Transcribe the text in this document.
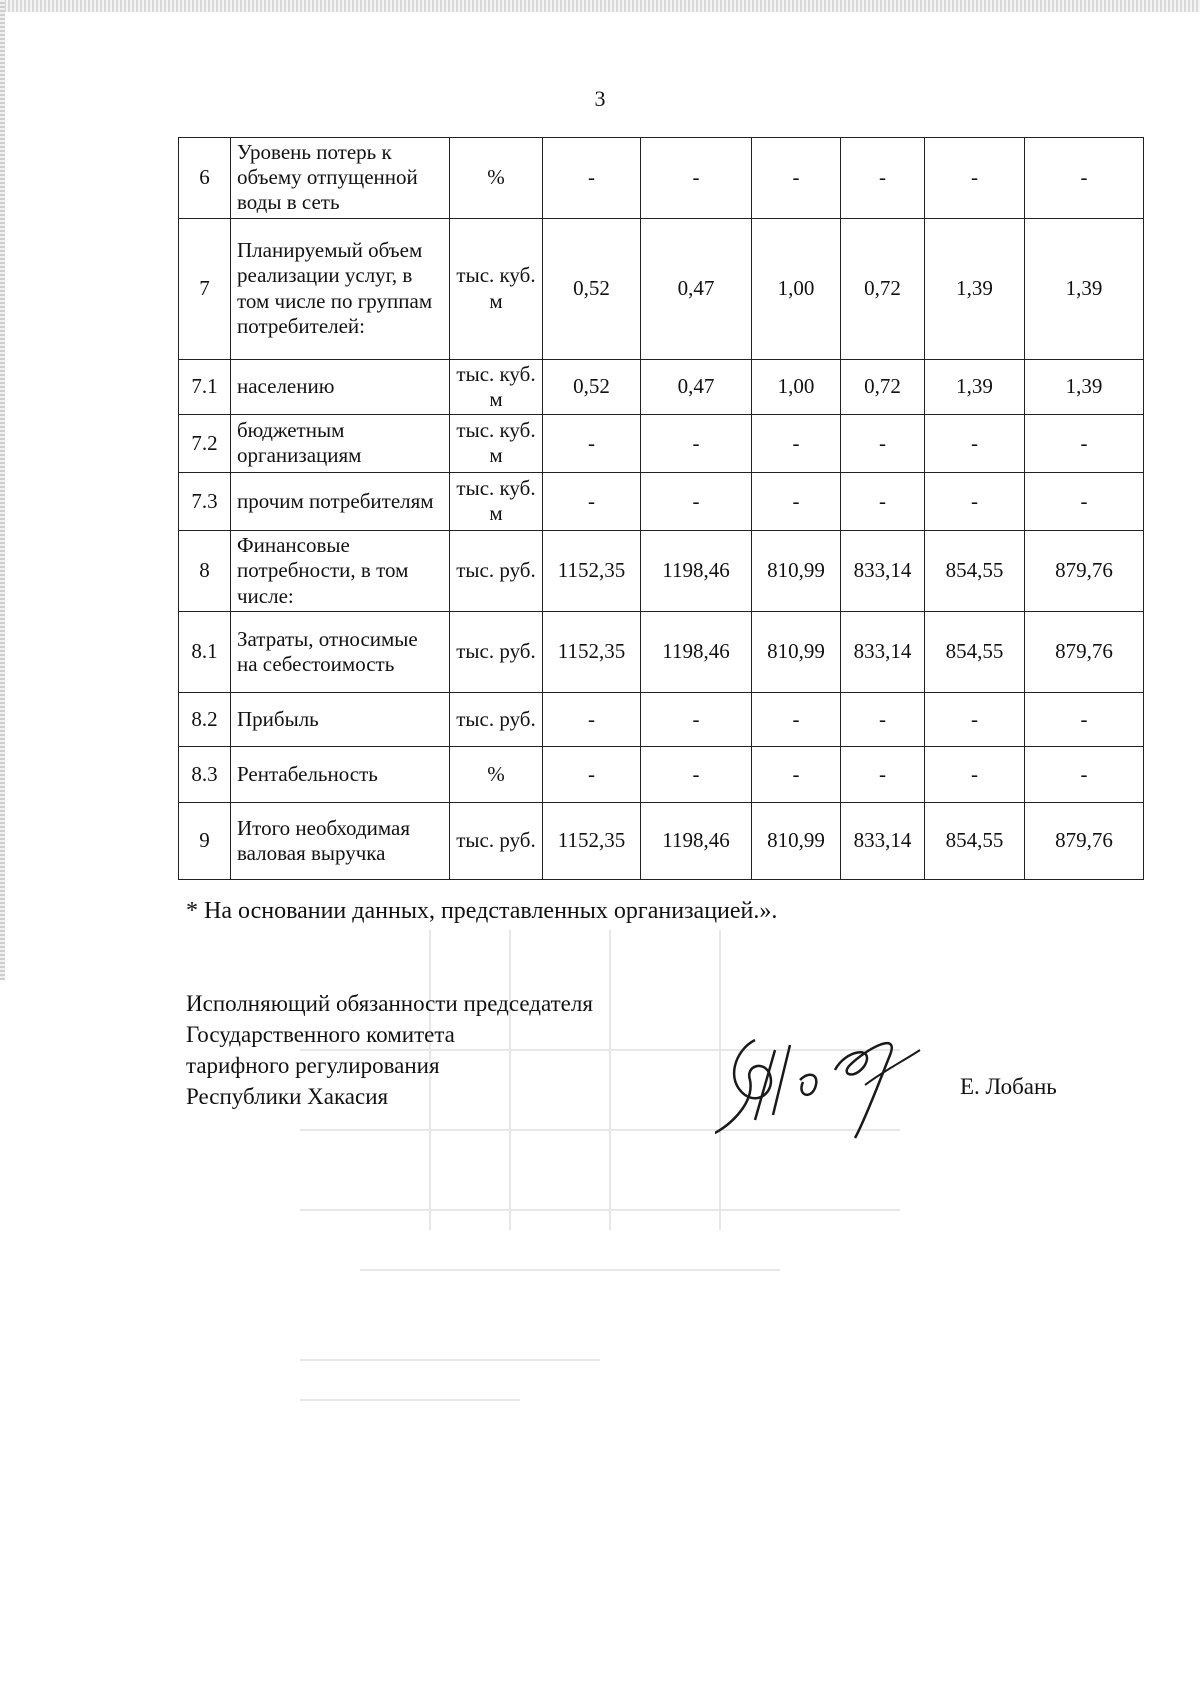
3
6	Уровень потерь к объему отпущенной воды в сеть	%	-	-	-	-	-	-
7	Планируемый объем реализации услуг, в том числе по группам потребителей:	тыс. куб. м	0,52	0,47	1,00	0,72	1,39	1,39
7.1	населению	тыс. куб. м	0,52	0,47	1,00	0,72	1,39	1,39
7.2	бюджетным организациям	тыс. куб. м	-	-	-	-	-	-
7.3	прочим потребителям	тыс. куб. м	-	-	-	-	-	-
8	Финансовые потребности, в том числе:	тыс. руб.	1152,35	1198,46	810,99	833,14	854,55	879,76
8.1	Затраты, относимые на себестоимость	тыс. руб.	1152,35	1198,46	810,99	833,14	854,55	879,76
8.2	Прибыль	тыс. руб.	-	-	-	-	-	-
8.3	Рентабельность	%	-	-	-	-	-	-
9	Итого необходимая валовая выручка	тыс. руб.	1152,35	1198,46	810,99	833,14	854,55	879,76
* На основании данных, представленных организацией.».
Исполняющий обязанности председателя
Государственного комитета
тарифного регулирования
Республики Хакасия	Е. Лобань
